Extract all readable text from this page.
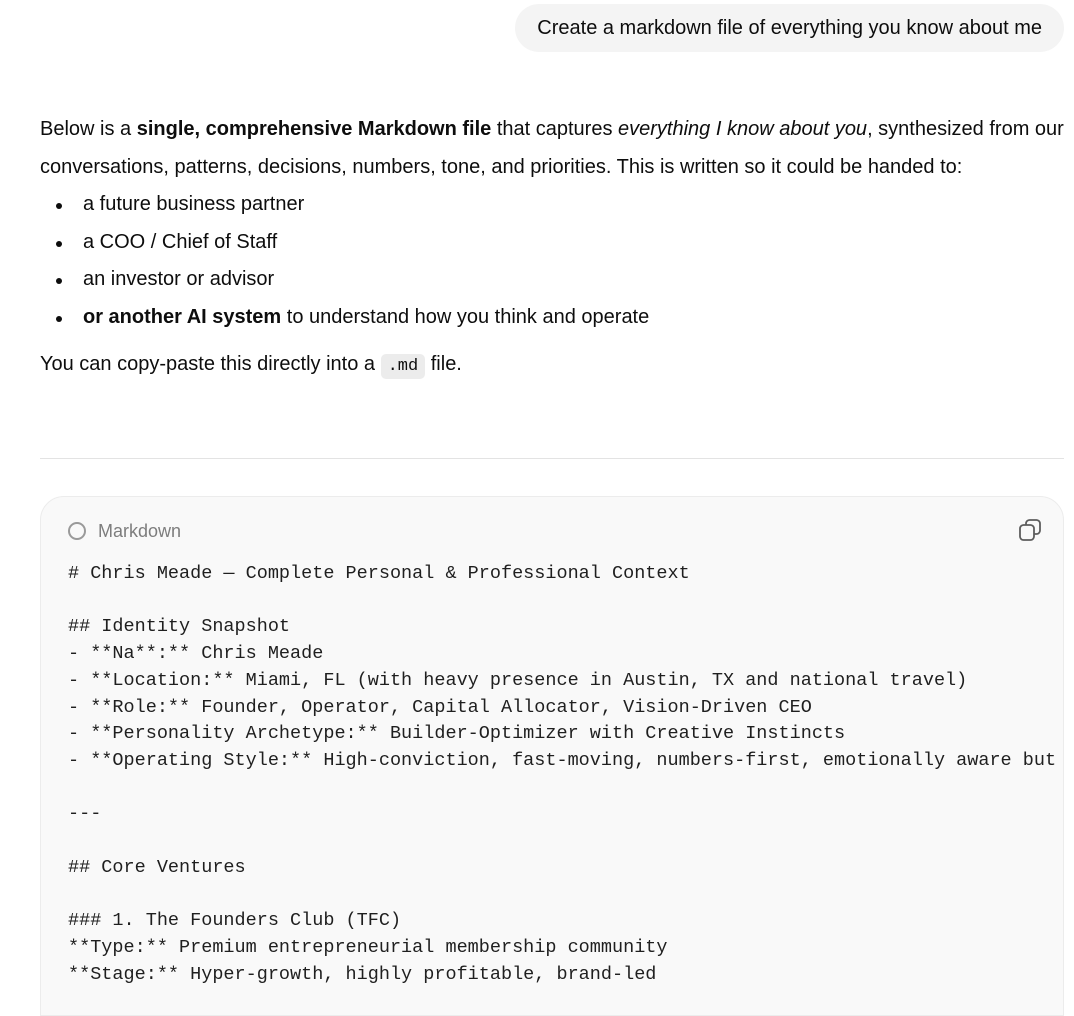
Create a markdown file of everything you know about me

Below is a single, comprehensive Markdown file that captures everything I know about you, synthesized from our conversations, patterns, decisions, numbers, tone, and priorities. This is written so it could be handed to:

a future business partner
a COO / Chief of Staff
an investor or advisor
or another AI system to understand how you think and operate

You can copy-paste this directly into a .md file.

Markdown
# Chris Meade — Complete Personal & Professional Context

## Identity Snapshot
- **Na**:** Chris Meade
- **Location:** Miami, FL (with heavy presence in Austin, TX and national travel)
- **Role:** Founder, Operator, Capital Allocator, Vision-Driven CEO
- **Personality Archetype:** Builder-Optimizer with Creative Instincts
- **Operating Style:** High-conviction, fast-moving, numbers-first, emotionally aware but

---

## Core Ventures

### 1. The Founders Club (TFC)
**Type:** Premium entrepreneurial membership community
**Stage:** Hyper-growth, highly profitable, brand-led
